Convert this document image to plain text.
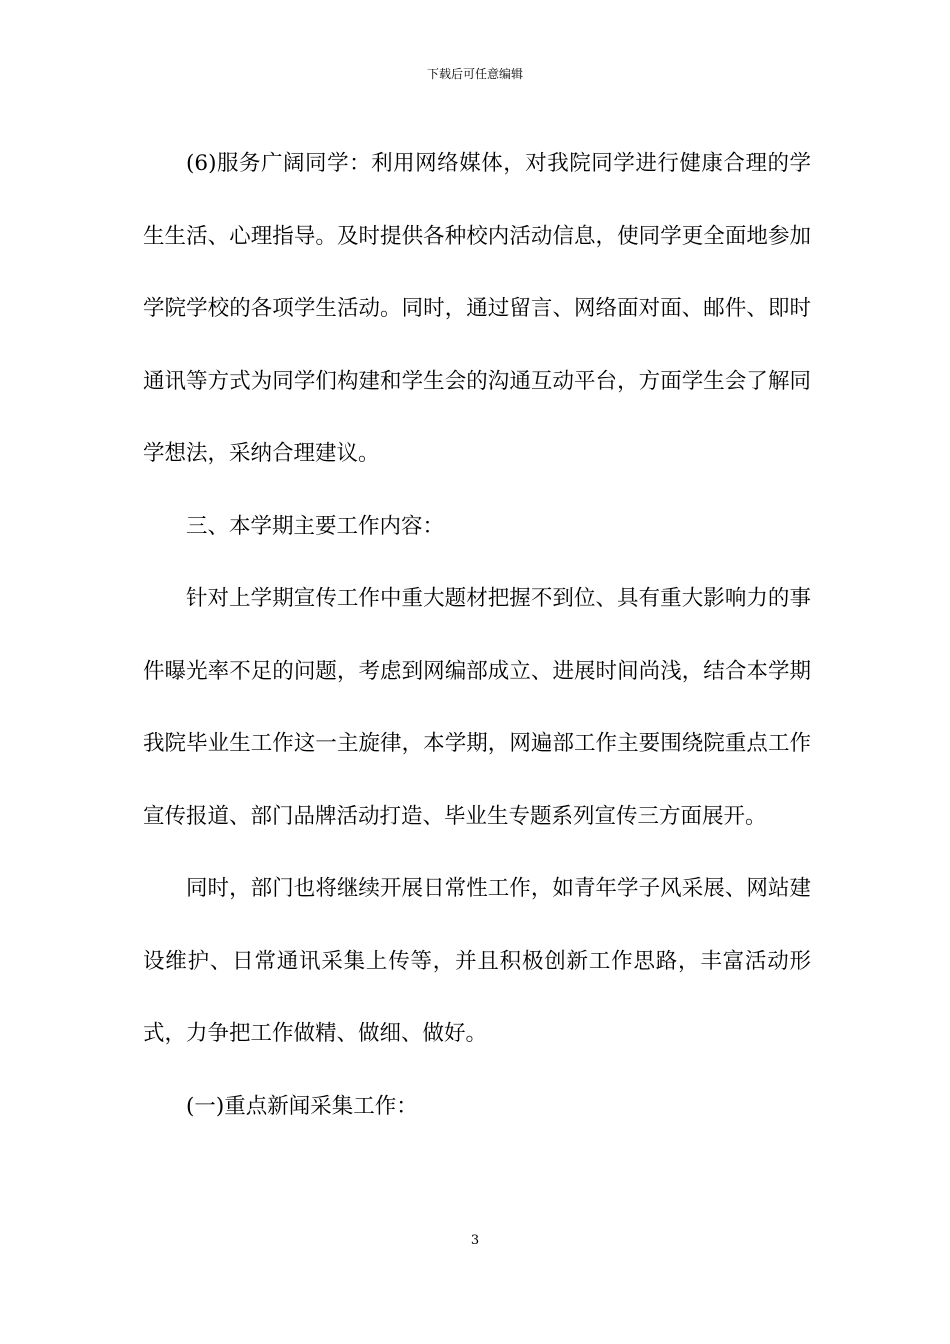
下载后可任意编辑

(6)服务广阔同学：利用网络媒体，对我院同学进行健康合理的学生生活、心理指导。及时提供各种校内活动信息，使同学更全面地参加学院学校的各项学生活动。同时，通过留言、网络面对面、邮件、即时通讯等方式为同学们构建和学生会的沟通互动平台，方面学生会了解同学想法，采纳合理建议。

三、本学期主要工作内容：

针对上学期宣传工作中重大题材把握不到位、具有重大影响力的事件曝光率不足的问题，考虑到网编部成立、进展时间尚浅，结合本学期我院毕业生工作这一主旋律，本学期，网遍部工作主要围绕院重点工作宣传报道、部门品牌活动打造、毕业生专题系列宣传三方面展开。

同时，部门也将继续开展日常性工作，如青年学子风采展、网站建设维护、日常通讯采集上传等，并且积极创新工作思路，丰富活动形式，力争把工作做精、做细、做好。

(一)重点新闻采集工作：

3
